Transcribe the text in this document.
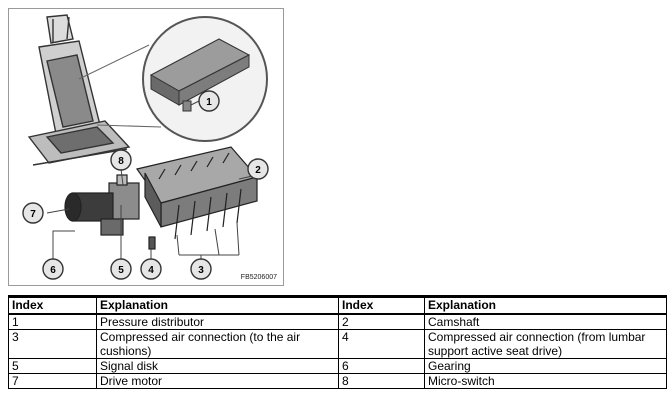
1
2
3
4
5
6
7
8
FB5206007
Index	Explanation	Index	Explanation
1	Pressure distributor	2	Camshaft
3	Compressed air connection (to the air cushions)	4	Compressed air connection (from lumbar support active seat drive)
5	Signal disk	6	Gearing
7	Drive motor	8	Micro-switch
